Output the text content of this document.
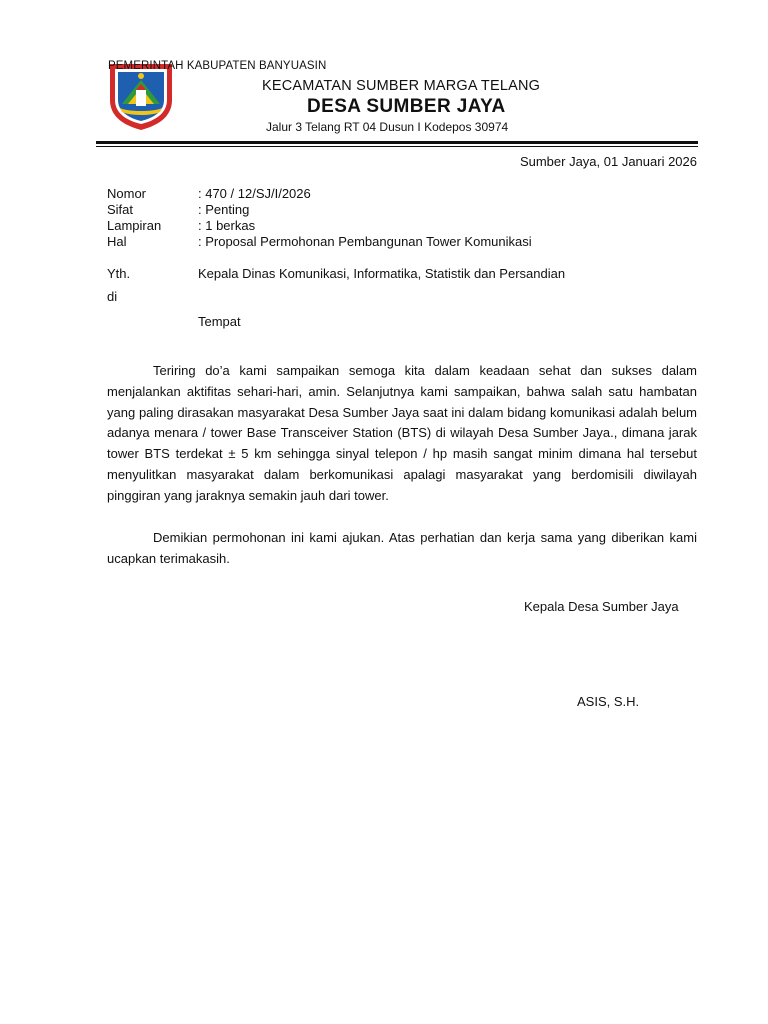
PEMERINTAH KABUPATEN BANYUASIN
KECAMATAN SUMBER MARGA TELANG
DESA SUMBER JAYA
Jalur 3 Telang RT 04 Dusun I Kodepos 30974
Sumber Jaya, 01 Januari 2026
Nomor	: 470 / 12/SJ/I/2026
Sifat	: Penting
Lampiran	: 1 berkas
Hal	: Proposal Permohonan Pembangunan Tower Komunikasi
Yth.	Kepala Dinas Komunikasi, Informatika, Statistik dan Persandian
di
Tempat
Teriring do’a kami sampaikan semoga kita dalam keadaan sehat dan sukses dalam menjalankan aktifitas sehari-hari, amin. Selanjutnya kami sampaikan, bahwa salah satu hambatan yang paling dirasakan masyarakat Desa Sumber Jaya saat ini dalam bidang komunikasi adalah belum adanya menara / tower Base Transceiver Station (BTS) di wilayah Desa Sumber Jaya., dimana jarak tower BTS terdekat ± 5 km sehingga sinyal telepon / hp masih sangat minim dimana hal tersebut menyulitkan masyarakat dalam berkomunikasi apalagi masyarakat yang berdomisili diwilayah pinggiran yang jaraknya semakin jauh dari tower.
Demikian permohonan ini kami ajukan. Atas perhatian dan kerja sama yang diberikan kami ucapkan terimakasih.
Kepala Desa Sumber Jaya
ASIS, S.H.
